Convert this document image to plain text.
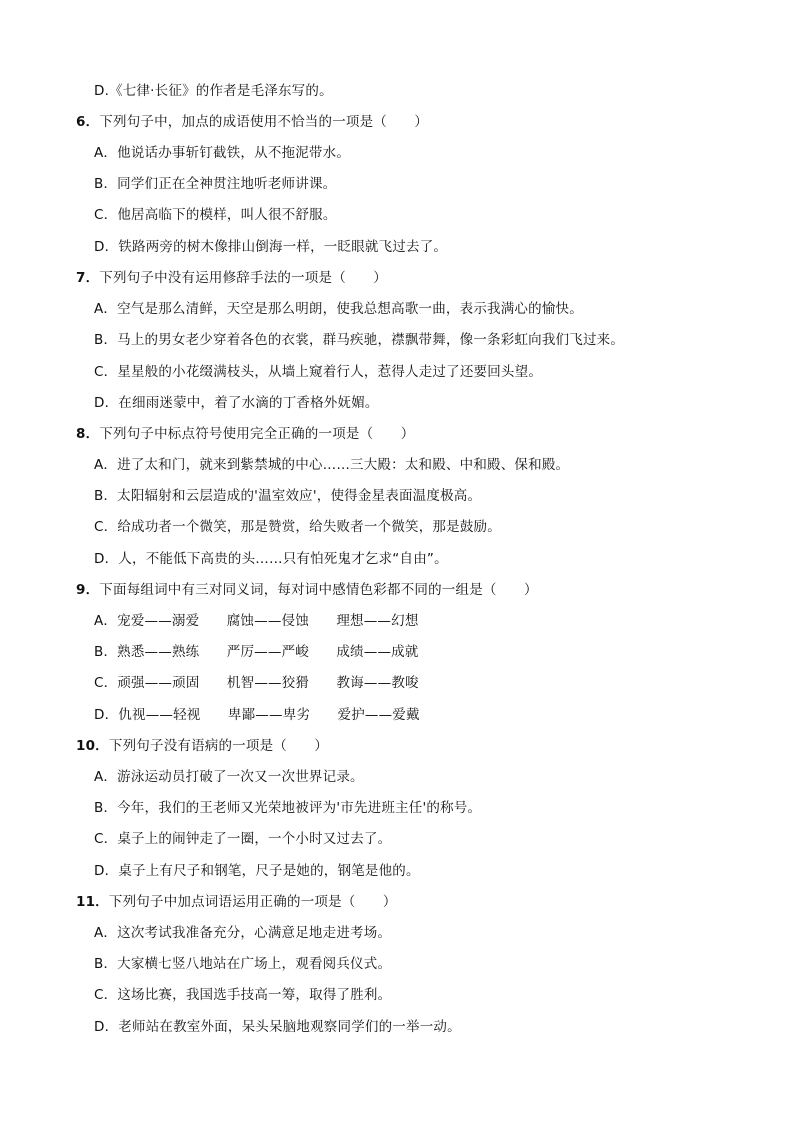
D.《七律·长征》的作者是毛泽东写的。
6．下列句子中，加点的成语使用不恰当的一项是（　　）
A．他说话办事斩钉截铁，从不拖泥带水。
B．同学们正在全神贯注地听老师讲课。
C．他居高临下的模样，叫人很不舒服。
D．铁路两旁的树木像排山倒海一样，一眨眼就飞过去了。
7．下列句子中没有运用修辞手法的一项是（　　）
A．空气是那么清鲜，天空是那么明朗，使我总想高歌一曲，表示我满心的愉快。
B．马上的男女老少穿着各色的衣裳，群马疾驰，襟飘带舞，像一条彩虹向我们飞过来。
C．星星般的小花缀满枝头，从墙上窥着行人，惹得人走过了还要回头望。
D．在细雨迷蒙中，着了水滴的丁香格外妩媚。
8．下列句子中标点符号使用完全正确的一项是（　　）
A．进了太和门，就来到紫禁城的中心……三大殿：太和殿、中和殿、保和殿。
B．太阳辐射和云层造成的'温室效应'，使得金星表面温度极高。
C．给成功者一个微笑，那是赞赏，给失败者一个微笑，那是鼓励。
D．人，不能低下高贵的头……只有怕死鬼才乞求“自由”。
9．下面每组词中有三对同义词，每对词中感情色彩都不同的一组是（　　）
A．宠爱——溺爱　　腐蚀——侵蚀　　理想——幻想
B．熟悉——熟练　　严厉——严峻　　成绩——成就
C．顽强——顽固　　机智——狡猾　　教诲——教唆
D．仇视——轻视　　卑鄙——卑劣　　爱护——爱戴
10．下列句子没有语病的一项是（　　）
A．游泳运动员打破了一次又一次世界记录。
B．今年，我们的王老师又光荣地被评为'市先进班主任'的称号。
C．桌子上的闹钟走了一圈，一个小时又过去了。
D．桌子上有尺子和钢笔，尺子是她的，钢笔是他的。
11．下列句子中加点词语运用正确的一项是（　　）
A．这次考试我准备充分，心满意足地走进考场。
B．大家横七竖八地站在广场上，观看阅兵仪式。
C．这场比赛，我国选手技高一筹，取得了胜利。
D．老师站在教室外面，呆头呆脑地观察同学们的一举一动。
